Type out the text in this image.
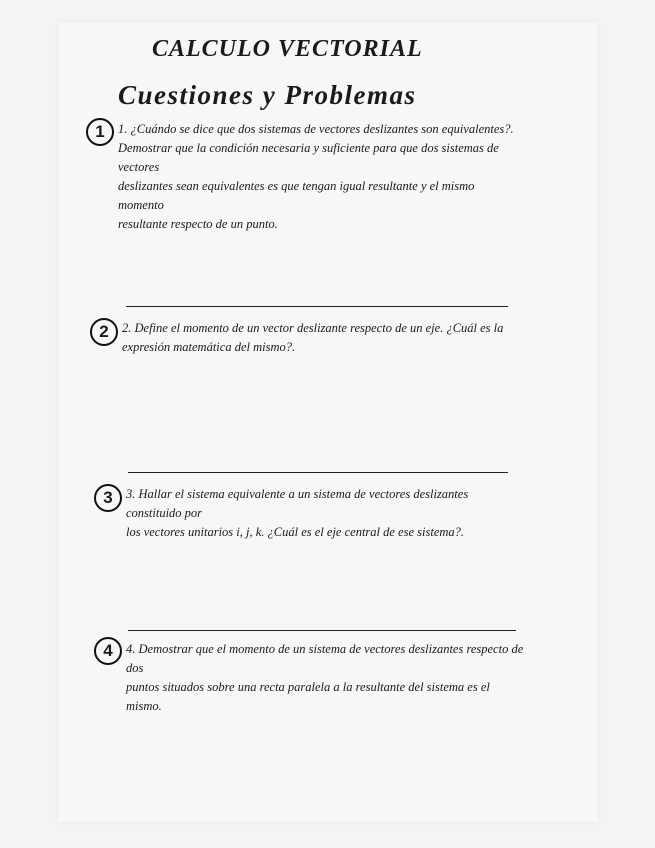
CALCULO VECTORIAL
Cuestiones y Problemas
1	1. ¿Cuándo se dice que dos sistemas de vectores deslizantes son equivalentes?.

Demostrar que la condición necesaria y suficiente para que dos sistemas de vectores

deslizantes sean equivalentes es que tengan igual resultante y el mismo momento

resultante respecto de un punto.

2	2. Define el momento de un vector deslizante respecto de un eje. ¿Cuál es la

expresión matemática del mismo?.

3	3. Hallar el sistema equivalente a un sistema de vectores deslizantes constituido por

los vectores unitarios i, j, k. ¿Cuál es el eje central de ese sistema?.

4	4. Demostrar que el momento de un sistema de vectores deslizantes respecto de dos

puntos situados sobre una recta paralela a la resultante del sistema es el mismo.
